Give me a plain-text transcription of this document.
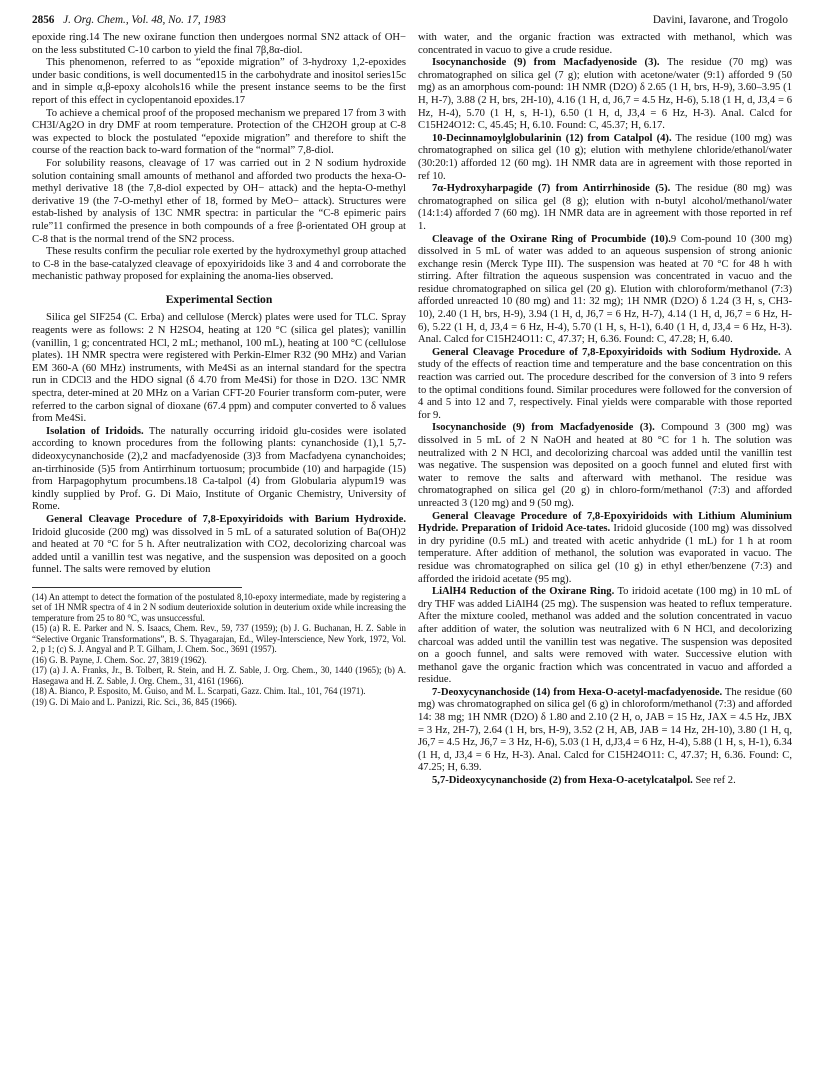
2856 J. Org. Chem., Vol. 48, No. 17, 1983	Davini, Iavarone, and Trogolo

epoxide ring.14 The new oxirane function then undergoes normal SN2 attack of OH− on the less substituted C-10 carbon to yield the final 7β,8α-diol.

This phenomenon, referred to as “epoxide migration” of 3-hydroxy 1,2-epoxides under basic conditions, is well documented15 in the carbohydrate and inositol series15c and in simple α,β-epoxy alcohols16 while the present instance seems to be the first report of this effect in cyclopentanoid epoxides.17

To achieve a chemical proof of the proposed mechanism we prepared 17 from 3 with CH3I/Ag2O in dry DMF at room temperature. Protection of the CH2OH group at C-8 was expected to block the postulated “epoxide migration” and therefore to shift the course of the reaction back to-ward formation of the “normal” 7,8-diol.

For solubility reasons, cleavage of 17 was carried out in 2 N sodium hydroxide solution containing small amounts of methanol and afforded two products the hexa-O-methyl derivative 18 (the 7,8-diol expected by OH− attack) and the hepta-O-methyl derivative 19 (the 7-O-methyl ether of 18, formed by MeO− attack). Structures were estab-lished by analysis of 13C NMR spectra: in particular the “C-8 epimeric pairs rule”11 confirmed the presence in both compounds of a free β-orientated OH group at C-8 that is the normal trend of the SN2 process.

These results confirm the peculiar role exerted by the hydroxymethyl group attached to C-8 in the base-catalyzed cleavage of epoxyiridoids like 3 and 4 and corroborate the mechanistic pathway proposed for explaining the anoma-lies observed.

Experimental Section

Silica gel SIF254 (C. Erba) and cellulose (Merck) plates were used for TLC. Spray reagents were as follows: 2 N H2SO4, heating at 120 °C (silica gel plates); vanillin (vanillin, 1 g; concentrated HCl, 2 mL; methanol, 100 mL), heating at 100 °C (cellulose plates). 1H NMR spectra were registered with Perkin-Elmer R32 (90 MHz) and Varian EM 360-A (60 MHz) instruments, with Me4Si as an internal standard for the spectra run in CDCl3 and the HDO signal (δ 4.70 from Me4Si) for those in D2O. 13C NMR spectra, deter-mined at 20 MHz on a Varian CFT-20 Fourier transform com-puter, were referred to the carbon signal of dioxane (67.4 ppm) and computer converted to δ values from Me4Si.

Isolation of Iridoids. The naturally occurring iridoid glu-cosides were isolated according to known procedures from the following plants: cynanchoside (1),1 5,7-dideoxycynanchoside (2),2 and macfadyenoside (3)3 from Macfadyena cynanchoides; an-tirrhinoside (5)5 from Antirrhinum tortuosum; procumbide (10) and harpagide (15) from Harpagophytum procumbens.18 Ca-talpol (4) from Globularia alypum19 was kindly supplied by Prof. G. Di Maio, Institute of Organic Chemistry, University of Rome.

General Cleavage Procedure of 7,8-Epoxyiridoids with Barium Hydroxide. Iridoid glucoside (200 mg) was dissolved in 5 mL of a saturated solution of Ba(OH)2 and heated at 70 °C for 5 h. After neutralization with CO2, decolorizing charcoal was added until a vanillin test was negative, and the suspension was deposited on a gooch funnel. The salts were removed by elution

(14) An attempt to detect the formation of the postulated 8,10-epoxy intermediate, made by registering a set of 1H NMR spectra of 4 in 2 N sodium deuterioxide solution in deuterium oxide while increasing the temperature from 25 to 80 °C, was unsuccessful.

(15) (a) R. E. Parker and N. S. Isaacs, Chem. Rev., 59, 737 (1959); (b) J. G. Buchanan, H. Z. Sable in “Selective Organic Transformations”, B. S. Thyagarajan, Ed., Wiley-Interscience, New York, 1972, Vol. 2, p 1; (c) S. J. Angyal and P. T. Gilham, J. Chem. Soc., 3691 (1957).

(16) G. B. Payne, J. Chem. Soc. 27, 3819 (1962).

(17) (a) J. A. Franks, Jr., B. Tolbert, R. Stein, and H. Z. Sable, J. Org. Chem., 30, 1440 (1965); (b) A. Hasegawa and H. Z. Sable, J. Org. Chem., 31, 4161 (1966).

(18) A. Bianco, P. Esposito, M. Guiso, and M. L. Scarpati, Gazz. Chim. Ital., 101, 764 (1971).

(19) G. Di Maio and L. Panizzi, Ric. Sci., 36, 845 (1966).

with water, and the organic fraction was extracted with methanol, which was concentrated in vacuo to give a crude residue.

Isocynanchoside (9) from Macfadyenoside (3). The residue (70 mg) was chromatographed on silica gel (7 g); elution with acetone/water (9:1) afforded 9 (50 mg) as an amorphous com-pound: 1H NMR (D2O) δ 2.65 (1 H, brs, H-9), 3.60–3.95 (1 H, H-7), 3.88 (2 H, brs, 2H-10), 4.16 (1 H, d, J6,7 = 4.5 Hz, H-6), 5.18 (1 H, d, J3,4 = 6 Hz, H-4), 5.70 (1 H, s, H-1), 6.50 (1 H, d, J3,4 = 6 Hz, H-3). Anal. Calcd for C15H24O12: C, 45.45; H, 6.10. Found: C, 45.37; H, 6.17.

10-Decinnamoylglobularinin (12) from Catalpol (4). The residue (100 mg) was chromatographed on silica gel (10 g); elution with methylene chloride/ethanol/water (30:20:1) afforded 12 (60 mg). 1H NMR data are in agreement with those reported in ref 10.

7α-Hydroxyharpagide (7) from Antirrhinoside (5). The residue (80 mg) was chromatographed on silica gel (8 g); elution with n-butyl alcohol/methanol/water (14:1:4) afforded 7 (60 mg). 1H NMR data are in agreement with those reported in ref 1.

Cleavage of the Oxirane Ring of Procumbide (10).9 Com-pound 10 (300 mg) dissolved in 5 mL of water was added to an aqueous suspension of strong anionic exchange resin (Merck Type III). The suspension was heated at 70 °C for 48 h with stirring. After filtration the aqueous suspension was concentrated in vacuo and the residue chromatographed on silica gel (20 g). Elution with chloroform/methanol (7:3) afforded unreacted 10 (80 mg) and 11: 32 mg); 1H NMR (D2O) δ 1.24 (3 H, s, CH3-10), 2.40 (1 H, brs, H-9), 3.94 (1 H, d, J6,7 = 6 Hz, H-7), 4.14 (1 H, d, J6,7 = 6 Hz, H-6), 5.22 (1 H, d, J3,4 = 6 Hz, H-4), 5.70 (1 H, s, H-1), 6.40 (1 H, d, J3,4 = 6 Hz, H-3). Anal. Calcd for C15H24O11: C, 47.37; H, 6.36. Found: C, 47.28; H, 6.40.

General Cleavage Procedure of 7,8-Epoxyiridoids with Sodium Hydroxide. A study of the effects of reaction time and temperature and the base concentration on this reaction was carried out. The procedure described for the conversion of 3 into 9 refers to the optimal conditions found. Similar procedures were followed for the conversion of 4 and 5 into 12 and 7, respectively. Final yields were comparable with those reported for 9.

Isocynanchoside (9) from Macfadyenoside (3). Compound 3 (300 mg) was dissolved in 5 mL of 2 N NaOH and heated at 80 °C for 1 h. The solution was neutralized with 2 N HCl, and decolorizing charcoal was added until the vanillin test was negative. The suspension was deposited on a gooch funnel and eluted first with water to remove the salts and afterward with methanol. The residue was chromatographed on silica gel (20 g) in chloro-form/methanol (7:3) and afforded unreacted 3 (120 mg) and 9 (50 mg).

General Cleavage Procedure of 7,8-Epoxyiridoids with Lithium Aluminium Hydride. Preparation of Iridoid Ace-tates. Iridoid glucoside (100 mg) was dissolved in dry pyridine (0.5 mL) and treated with acetic anhydride (1 mL) for 1 h at room temperature. After addition of methanol, the solution was evaporated in vacuo. The residue was chromatographed on silica gel (10 g) in ethyl ether/benzene (7:3) and afforded the iridoid acetate (95 mg).

LiAlH4 Reduction of the Oxirane Ring. To iridoid acetate (100 mg) in 10 mL of dry THF was added LiAlH4 (25 mg). The suspension was heated to reflux temperature. After the mixture cooled, methanol was added and the solution concentrated in vacuo after addition of water, the solution was neutralized with 6 N HCl, and decolorizing charcoal was added until the vanillin test was negative. The suspension was deposited on a gooch funnel, and salts were removed with water. Successive elution with methanol gave the organic fraction which was concentrated in vacuo and afforded a residue.

7-Deoxycynanchoside (14) from Hexa-O-acetyl-macfadyenoside. The residue (60 mg) was chromatographed on silica gel (6 g) in chloroform/methanol (7:3) and afforded 14: 38 mg; 1H NMR (D2O) δ 1.80 and 2.10 (2 H, o, JAB = 15 Hz, JAX = 4.5 Hz, JBX = 3 Hz, 2H-7), 2.64 (1 H, brs, H-9), 3.52 (2 H, AB, JAB = 14 Hz, 2H-10), 3.80 (1 H, q, J6,7 = 4.5 Hz, J6,7 = 3 Hz, H-6), 5.03 (1 H, d,J3,4 = 6 Hz, H-4), 5.88 (1 H, s, H-1), 6.34 (1 H, d, J3,4 = 6 Hz, H-3). Anal. Calcd for C15H24O11: C, 47.37; H, 6.36. Found: C, 47.25; H, 6.39.

5,7-Dideoxycynanchoside (2) from Hexa-O-acetylcatalpol. See ref 2.
